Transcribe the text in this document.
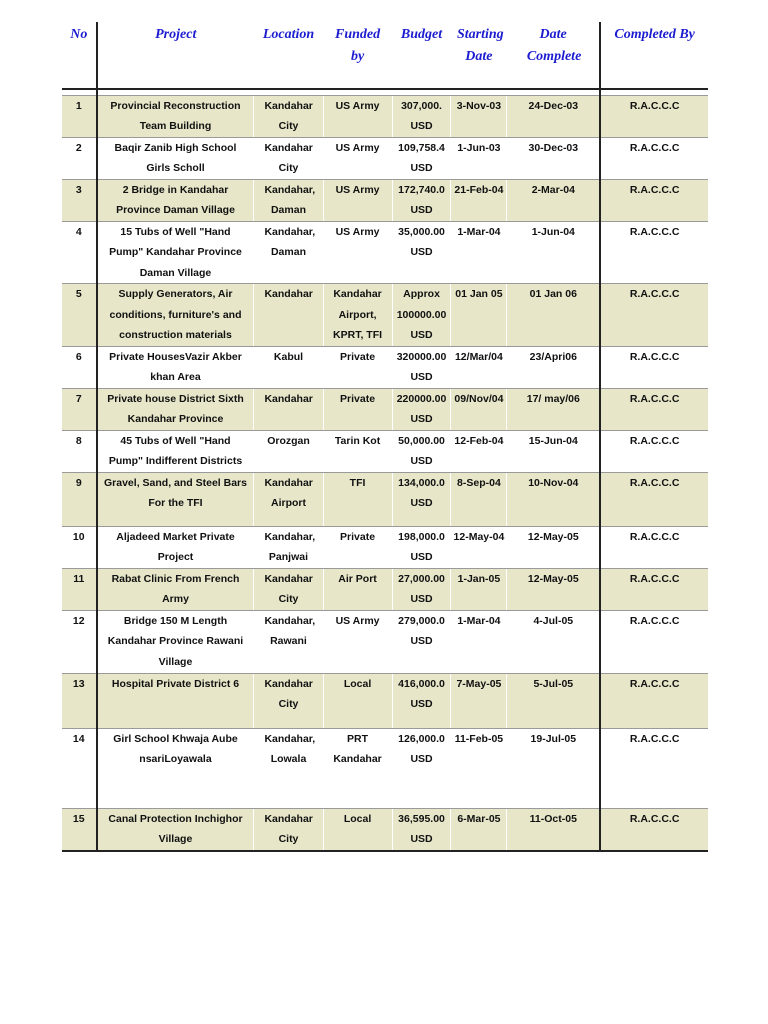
No	Project	Location	Funded by	Budget	Starting Date	Date Complete	Completed By

1	Provincial Reconstruction Team Building	Kandahar City	US Army	307,000. USD	3-Nov-03	24-Dec-03	R.A.C.C.C
2	Baqir Zanib High School Girls Scholl	Kandahar City	US Army	109,758.4 USD	1-Jun-03	30-Dec-03	R.A.C.C.C
3	2 Bridge in Kandahar Province Daman Village	Kandahar, Daman	US Army	172,740.0 USD	21-Feb-04	2-Mar-04	R.A.C.C.C
4	15 Tubs of Well "Hand Pump" Kandahar Province Daman Village	Kandahar, Daman	US Army	35,000.00 USD	1-Mar-04	1-Jun-04	R.A.C.C.C
5	Supply Generators, Air conditions, furniture's and construction materials	Kandahar	Kandahar Airport, KPRT, TFI	Approx 100000.00 USD	01 Jan 05	01 Jan 06	R.A.C.C.C
6	Private HousesVazir Akber khan Area	Kabul	Private	320000.00 USD	12/Mar/04	23/Apri06	R.A.C.C.C
7	Private house District Sixth Kandahar Province	Kandahar	Private	220000.00 USD	09/Nov/04	17/ may/06	R.A.C.C.C
8	45 Tubs of Well "Hand Pump" Indifferent Districts	Orozgan	Tarin Kot	50,000.00 USD	12-Feb-04	15-Jun-04	R.A.C.C.C
9	Gravel, Sand, and Steel Bars For the TFI	Kandahar Airport	TFI	134,000.0 USD	8-Sep-04	10-Nov-04	R.A.C.C.C
10	Aljadeed Market Private Project	Kandahar, Panjwai	Private	198,000.0 USD	12-May-04	12-May-05	R.A.C.C.C
11	Rabat Clinic From French Army	Kandahar City	Air Port	27,000.00 USD	1-Jan-05	12-May-05	R.A.C.C.C
12	Bridge 150 M Length Kandahar Province Rawani Village	Kandahar, Rawani	US Army	279,000.0 USD	1-Mar-04	4-Jul-05	R.A.C.C.C
13	Hospital Private District 6	Kandahar City	Local	416,000.0 USD	7-May-05	5-Jul-05	R.A.C.C.C
14	Girl School Khwaja Aube nsariLoyawala	Kandahar, Lowala	PRT Kandahar	126,000.0 USD	11-Feb-05	19-Jul-05	R.A.C.C.C
15	Canal Protection Inchighor Village	Kandahar City	Local	36,595.00 USD	6-Mar-05	11-Oct-05	R.A.C.C.C
